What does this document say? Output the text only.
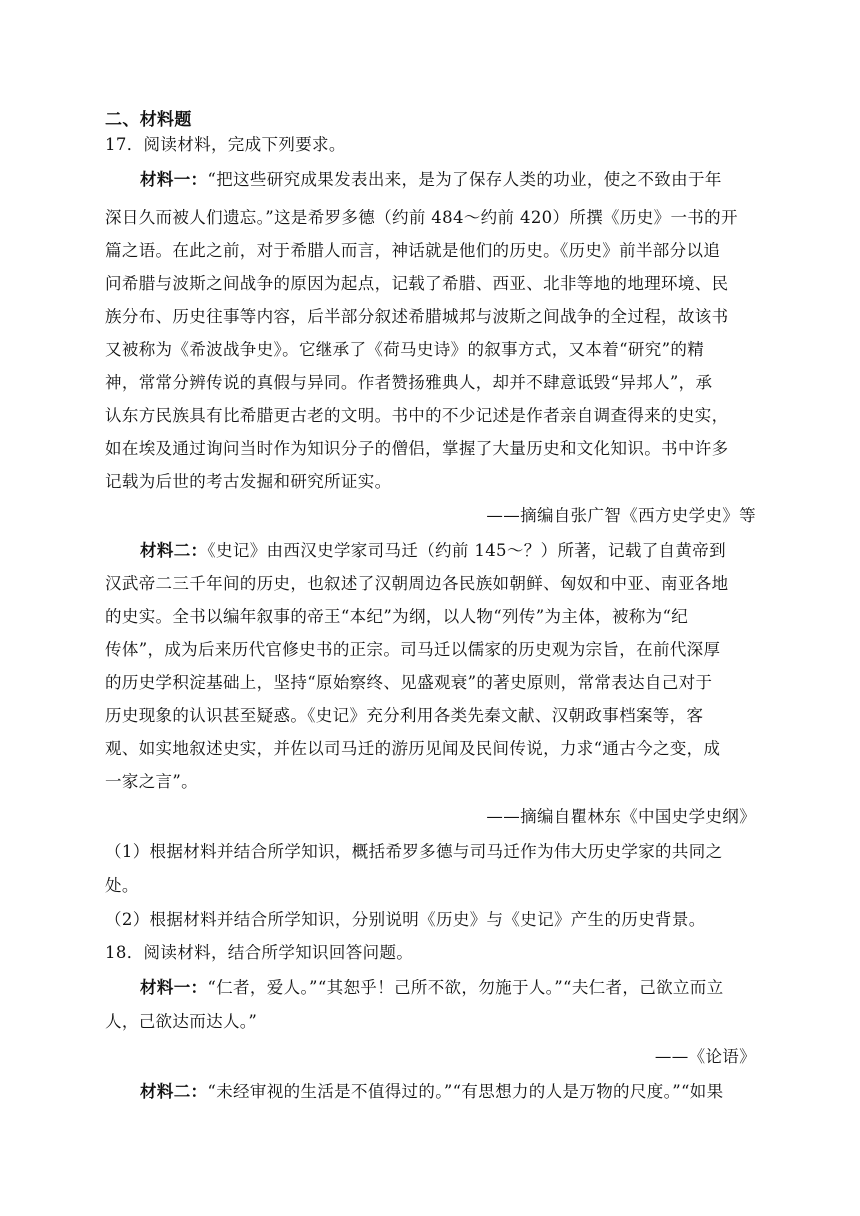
二、材料题
17．阅读材料，完成下列要求。
材料一：“把这些研究成果发表出来，是为了保存人类的功业，使之不致由于年
深日久而被人们遗忘。”这是希罗多德（约前 484～约前 420）所撰《历史》一书的开
篇之语。在此之前，对于希腊人而言，神话就是他们的历史。《历史》前半部分以追
问希腊与波斯之间战争的原因为起点，记载了希腊、西亚、北非等地的地理环境、民
族分布、历史往事等内容，后半部分叙述希腊城邦与波斯之间战争的全过程，故该书
又被称为《希波战争史》。它继承了《荷马史诗》的叙事方式，又本着“研究”的精
神，常常分辨传说的真假与异同。作者赞扬雅典人，却并不肆意诋毁“异邦人”，承
认东方民族具有比希腊更古老的文明。书中的不少记述是作者亲自调查得来的史实，
如在埃及通过询问当时作为知识分子的僧侣，掌握了大量历史和文化知识。书中许多
记载为后世的考古发掘和研究所证实。
——摘编自张广智《西方史学史》等
材料二：《史记》由西汉史学家司马迁（约前 145～？）所著，记载了自黄帝到
汉武帝二三千年间的历史，也叙述了汉朝周边各民族如朝鲜、匈奴和中亚、南亚各地
的史实。全书以编年叙事的帝王“本纪”为纲，以人物“列传”为主体，被称为“纪
传体”，成为后来历代官修史书的正宗。司马迁以儒家的历史观为宗旨，在前代深厚
的历史学积淀基础上，坚持“原始察终、见盛观衰”的著史原则，常常表达自己对于
历史现象的认识甚至疑惑。《史记》充分利用各类先秦文献、汉朝政事档案等，客
观、如实地叙述史实，并佐以司马迁的游历见闻及民间传说，力求“通古今之变，成
一家之言”。
——摘编自瞿林东《中国史学史纲》
（1）根据材料并结合所学知识，概括希罗多德与司马迁作为伟大历史学家的共同之
处。
（2）根据材料并结合所学知识，分别说明《历史》与《史记》产生的历史背景。
18．阅读材料，结合所学知识回答问题。
材料一：“仁者，爱人。”“其恕乎！己所不欲，勿施于人。”“夫仁者，己欲立而立
人，己欲达而达人。”
——《论语》
材料二：“未经审视的生活是不值得过的。”“有思想力的人是万物的尺度。”“如果
